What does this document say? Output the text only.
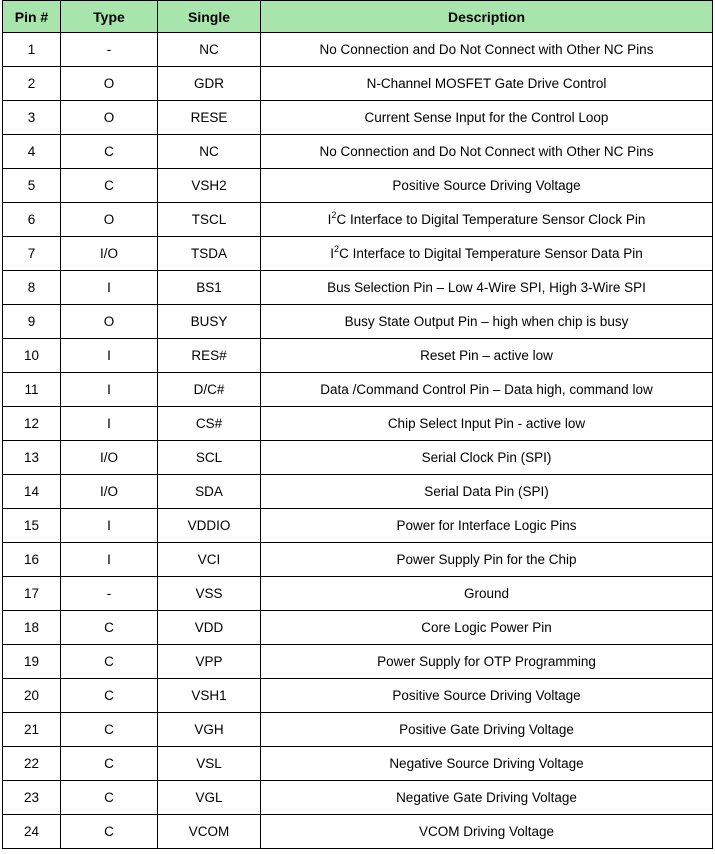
Pin #	Type	Single	Description
1	-	NC	No Connection and Do Not Connect with Other NC Pins
2	O	GDR	N-Channel MOSFET Gate Drive Control
3	O	RESE	Current Sense Input for the Control Loop
4	C	NC	No Connection and Do Not Connect with Other NC Pins
5	C	VSH2	Positive Source Driving Voltage
6	O	TSCL	$I^2C$ Interface to Digital Temperature Sensor Clock Pin
7	I/O	TSDA	$I^2C$ Interface to Digital Temperature Sensor Data Pin
8	I	BS1	Bus Selection Pin – Low 4-Wire SPI, High 3-Wire SPI
9	O	BUSY	Busy State Output Pin – high when chip is busy
10	I	RES#	Reset Pin – active low
11	I	D/C#	Data /Command Control Pin – Data high, command low
12	I	CS#	Chip Select Input Pin - active low
13	I/O	SCL	Serial Clock Pin (SPI)
14	I/O	SDA	Serial Data Pin (SPI)
15	I	VDDIO	Power for Interface Logic Pins
16	I	VCI	Power Supply Pin for the Chip
17	-	VSS	Ground
18	C	VDD	Core Logic Power Pin
19	C	VPP	Power Supply for OTP Programming
20	C	VSH1	Positive Source Driving Voltage
21	C	VGH	Positive Gate Driving Voltage
22	C	VSL	Negative Source Driving Voltage
23	C	VGL	Negative Gate Driving Voltage
24	C	VCOM	VCOM Driving Voltage
